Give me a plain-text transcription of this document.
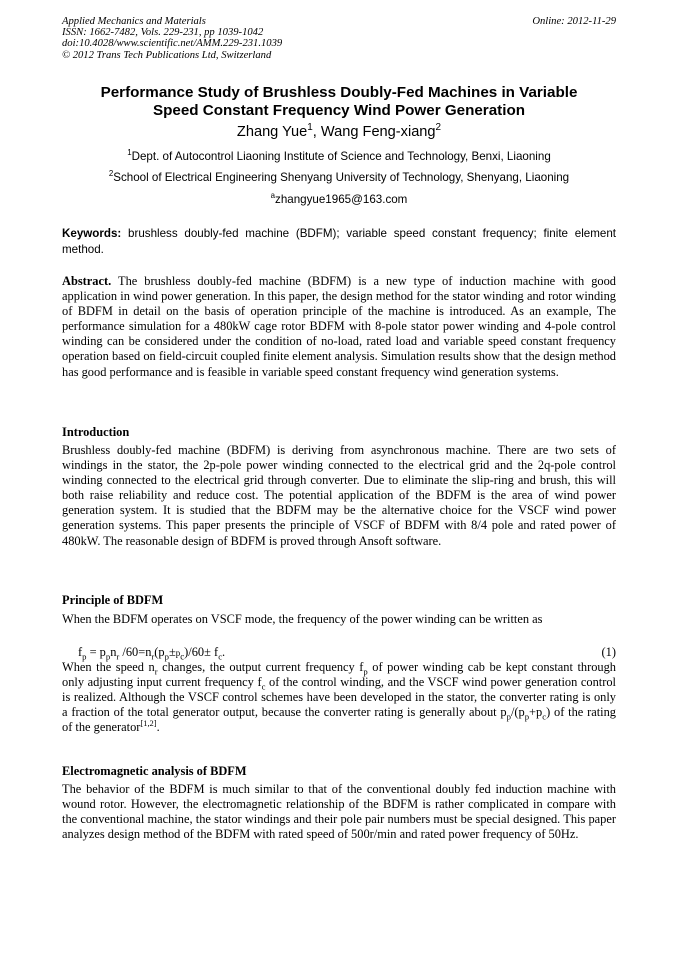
Applied Mechanics and Materials
ISSN: 1662-7482, Vols. 229-231, pp 1039-1042
doi:10.4028/www.scientific.net/AMM.229-231.1039
© 2012 Trans Tech Publications Ltd, Switzerland
Online: 2012-11-29
Performance Study of Brushless Doubly-Fed Machines in Variable
Speed Constant Frequency Wind Power Generation
Zhang Yue$^1$, Wang Feng-xiang$^2$
$^1$Dept. of Autocontrol Liaoning Institute of Science and Technology, Benxi, Liaoning
$^2$School of Electrical Engineering Shenyang University of Technology, Shenyang, Liaoning
$^a$zhangyue1965@163.com
Keywords: brushless doubly-fed machine (BDFM); variable speed constant frequency; finite element method.
Abstract. The brushless doubly-fed machine (BDFM) is a new type of induction machine with good application in wind power generation. In this paper, the design method for the stator winding and rotor winding of BDFM in detail on the basis of operation principle of the machine is introduced. As an example, The performance simulation for a 480kW cage rotor BDFM with 8-pole stator power winding and 4-pole control winding can be considered under the condition of no-load, rated load and variable speed constant frequency operation based on field-circuit coupled finite element analysis. Simulation results show that the design method has good performance and is feasible in variable speed constant frequency wind generation systems.
Introduction
Brushless doubly-fed machine (BDFM) is deriving from asynchronous machine. There are two sets of windings in the stator, the 2p-pole power winding connected to the electrical grid and the 2q-pole control winding connected to the electrical grid through converter. Due to eliminate the slip-ring and brush, this will both raise reliability and reduce cost. The potential application of the BDFM is the area of wind power generation system. It is studied that the BDFM may be the alternative choice for the VSCF wind power generation systems. This paper presents the principle of VSCF of BDFM with 8/4 pole and rated power of 480kW. The reasonable design of BDFM is proved through Ansoft software.
Principle of BDFM
When the BDFM operates on VSCF mode, the frequency of the power winding can be written as
$f_p = p_pn_r$ $/60=n_r(p_p\pm p_c)/60\pm f_c$.	(1)
When the speed $n_r$ changes, the output current frequency $f_p$ of power winding cab be kept constant through only adjusting input current frequency $f_c$ of the control winding, and the VSCF wind power generation control is realized. Although the VSCF control schemes have been developed in the stator, the converter rating is only a fraction of the total generator output, because the converter rating is generally about $p_p/(p_p+p_c)$ of the rating of the generator[1,2].
Electromagnetic analysis of BDFM
The behavior of the BDFM is much similar to that of the conventional doubly fed induction machine with wound rotor. However, the electromagnetic relationship of the BDFM is rather complicated in compare with the conventional machine, the stator windings and their pole pair numbers must be special designed. This paper analyzes design method of the BDFM with rated speed of 500r/min and rated power frequency of 50Hz.
